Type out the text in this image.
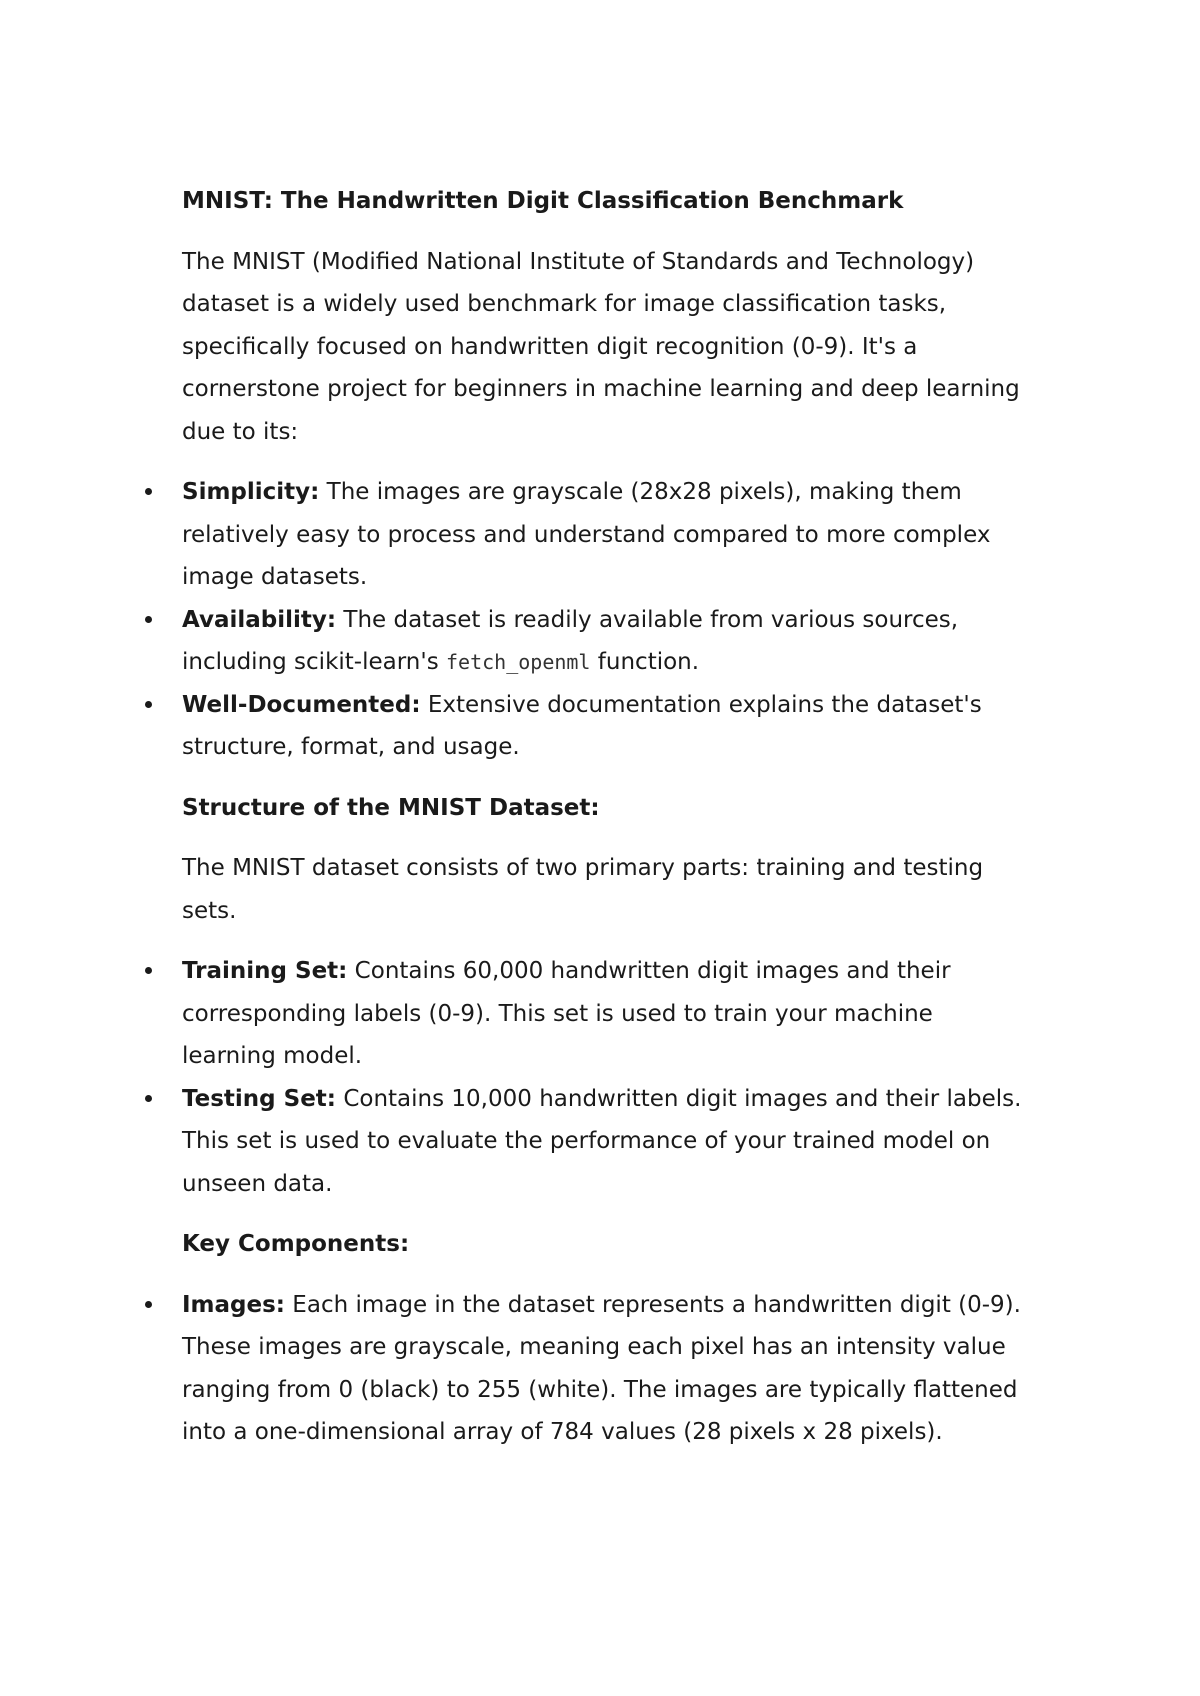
MNIST: The Handwritten Digit Classification Benchmark

The MNIST (Modified National Institute of Standards and Technology) dataset is a widely used benchmark for image classification tasks, specifically focused on handwritten digit recognition (0-9). It's a cornerstone project for beginners in machine learning and deep learning due to its:

Simplicity: The images are grayscale (28x28 pixels), making them relatively easy to process and understand compared to more complex image datasets.
Availability: The dataset is readily available from various sources, including scikit-learn's fetch_openml function.
Well-Documented: Extensive documentation explains the dataset's structure, format, and usage.

Structure of the MNIST Dataset:

The MNIST dataset consists of two primary parts: training and testing sets.

Training Set: Contains 60,000 handwritten digit images and their corresponding labels (0-9). This set is used to train your machine learning model.
Testing Set: Contains 10,000 handwritten digit images and their labels. This set is used to evaluate the performance of your trained model on unseen data.

Key Components:

Images: Each image in the dataset represents a handwritten digit (0-9). These images are grayscale, meaning each pixel has an intensity value ranging from 0 (black) to 255 (white). The images are typically flattened into a one-dimensional array of 784 values (28 pixels x 28 pixels).
